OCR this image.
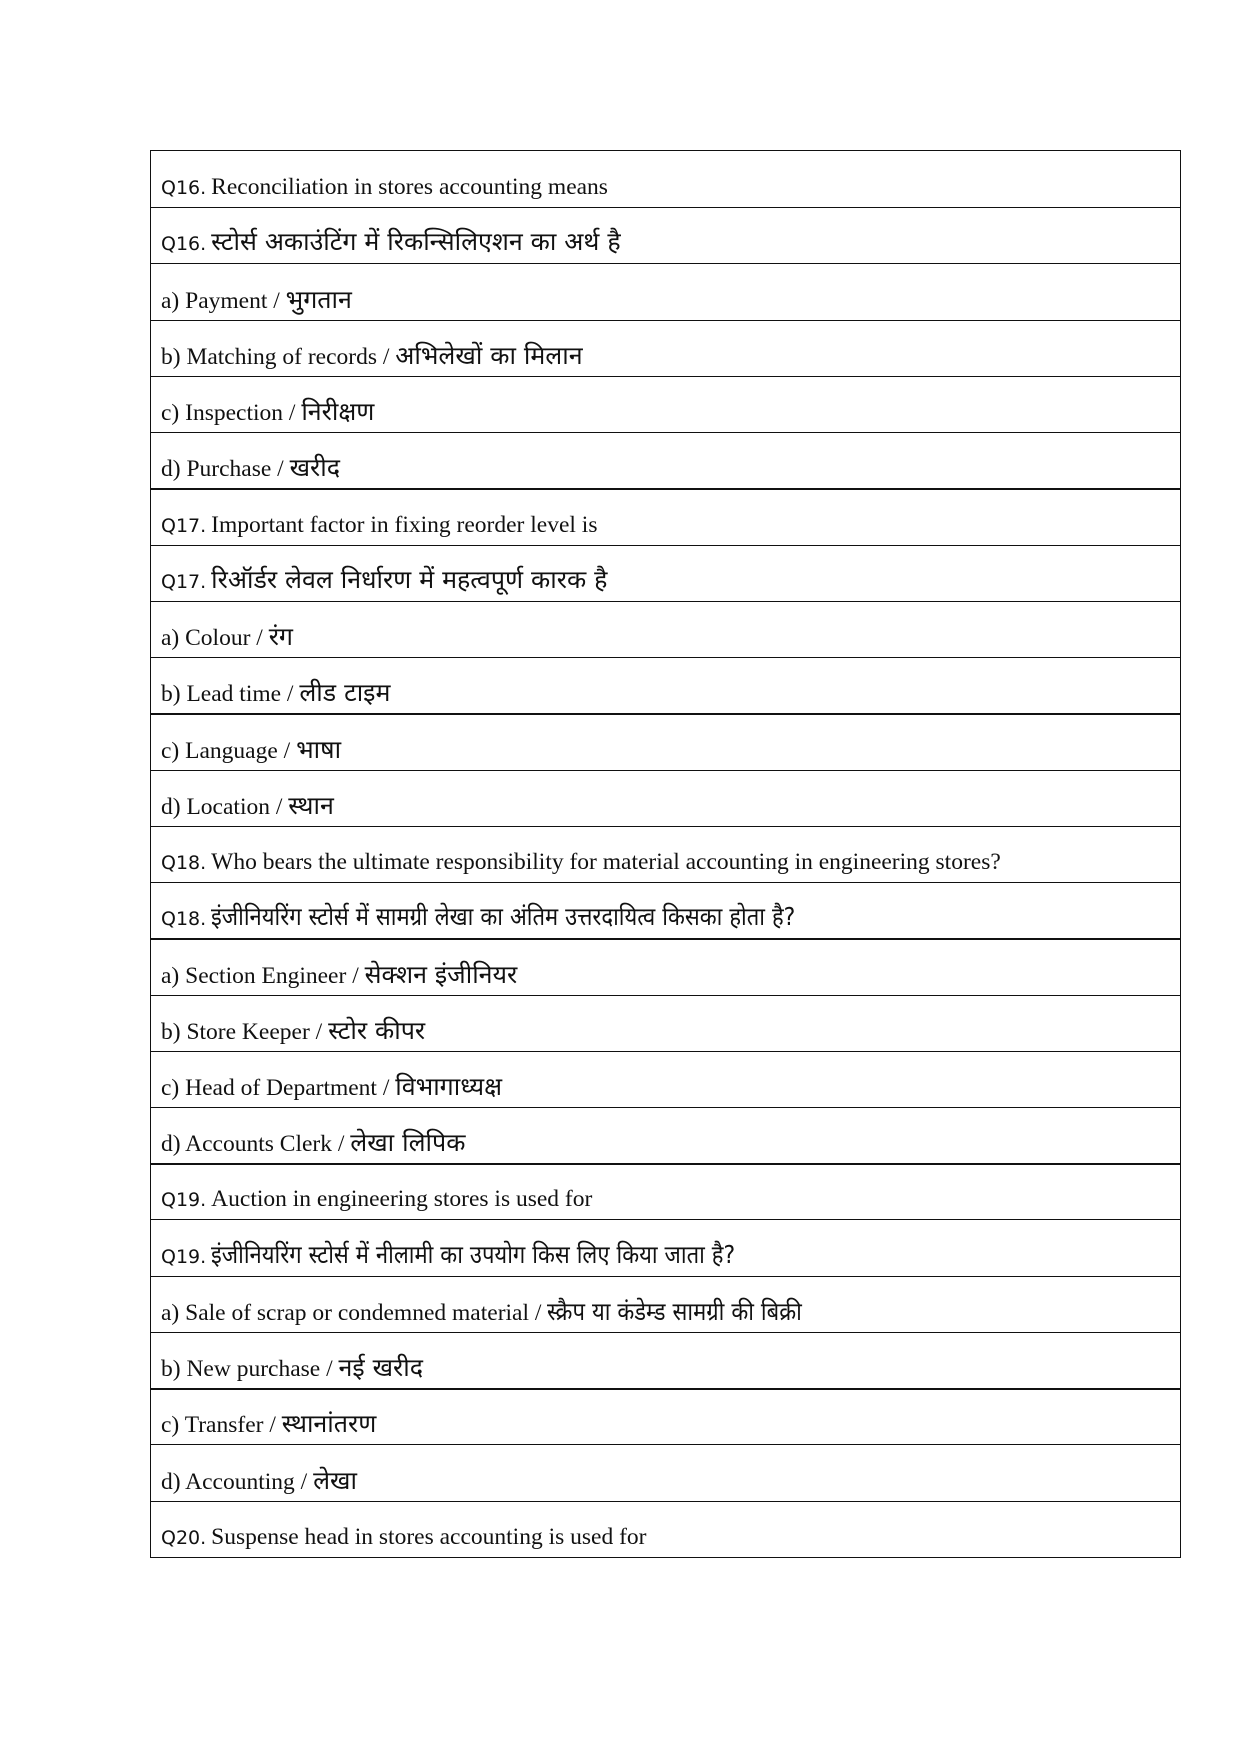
Q16. Reconciliation in stores accounting means
Q16. स्टोर्स अकाउंटिंग में रिकन्सिलिएशन का अर्थ है
a) Payment / भुगतान
b) Matching of records / अभिलेखों का मिलान
c) Inspection / निरीक्षण
d) Purchase / खरीद
Q17. Important factor in fixing reorder level is
Q17. रिऑर्डर लेवल निर्धारण में महत्वपूर्ण कारक है
a) Colour / रंग
b) Lead time / लीड टाइम
c) Language / भाषा
d) Location / स्थान
Q18. Who bears the ultimate responsibility for material accounting in engineering stores?
Q18. इंजीनियरिंग स्टोर्स में सामग्री लेखा का अंतिम उत्तरदायित्व किसका होता है?
a) Section Engineer / सेक्शन इंजीनियर
b) Store Keeper / स्टोर कीपर
c) Head of Department / विभागाध्यक्ष
d) Accounts Clerk / लेखा लिपिक
Q19. Auction in engineering stores is used for
Q19. इंजीनियरिंग स्टोर्स में नीलामी का उपयोग किस लिए किया जाता है?
a) Sale of scrap or condemned material / स्क्रैप या कंडेम्ड सामग्री की बिक्री
b) New purchase / नई खरीद
c) Transfer / स्थानांतरण
d) Accounting / लेखा
Q20. Suspense head in stores accounting is used for
